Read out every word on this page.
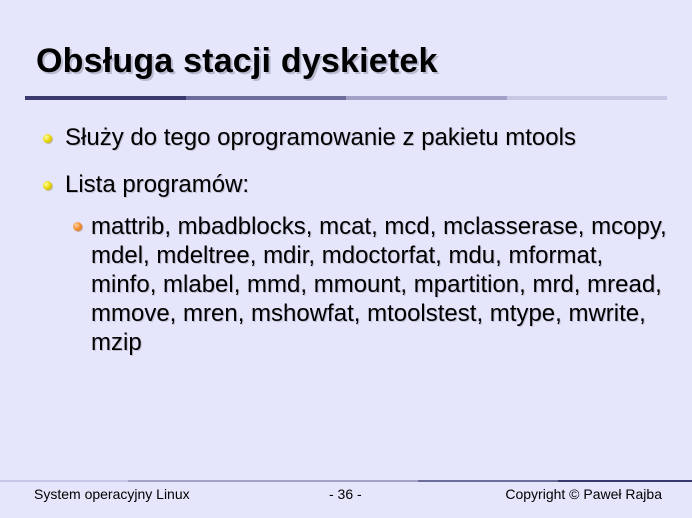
Obsługa stacji dyskietek
Służy do tego oprogramowanie z pakietu mtools
Lista programów:
mattrib, mbadblocks, mcat, mcd, mclasserase, mcopy, mdel, mdeltree, mdir, mdoctorfat, mdu, mformat, minfo, mlabel, mmd, mmount, mpartition, mrd, mread, mmove, mren, mshowfat, mtoolstest, mtype, mwrite, mzip
System operacyjny Linux	- 36 -	Copyright © Paweł Rajba
